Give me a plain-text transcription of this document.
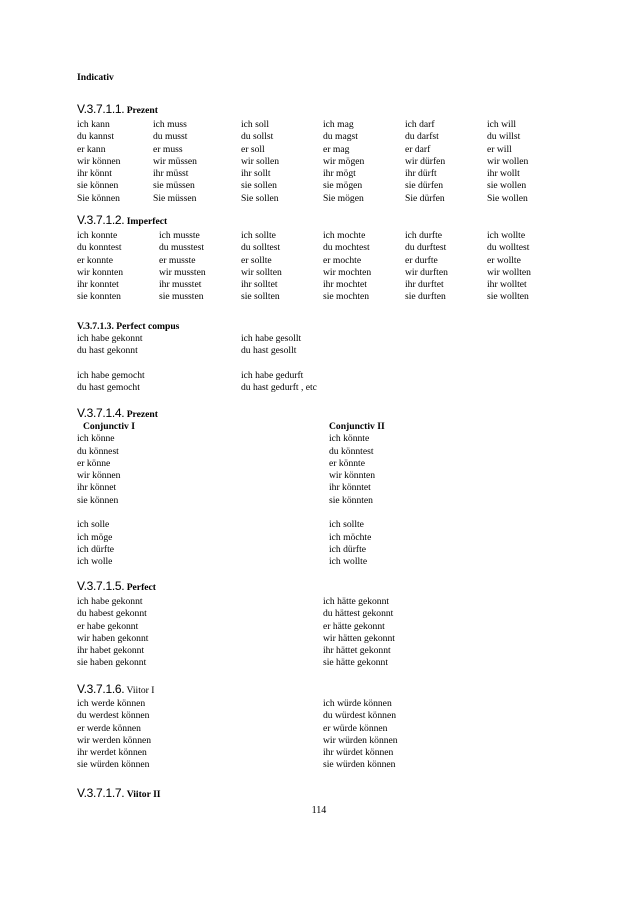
Indicativ
V.3.7.1.1. Prezent
ich kann	ich muss	ich soll	ich mag	ich darf	ich will
du kannst	du musst	du sollst	du magst	du darfst	du willst
er kann	er muss	er soll	er mag	er darf	er will
wir können	wir müssen	wir sollen	wir mögen	wir dürfen	wir wollen
ihr könnt	ihr müsst	ihr sollt	ihr mögt	ihr dürft	ihr wollt
sie können	sie müssen	sie sollen	sie mögen	sie dürfen	sie wollen
Sie können	Sie müssen	Sie sollen	Sie mögen	Sie dürfen	Sie wollen
V.3.7.1.2. Imperfect
ich konnte	ich musste	ich sollte	ich mochte	ich durfte	ich wollte
du konntest	du musstest	du solltest	du mochtest	du durftest	du wolltest
er konnte	er musste	er sollte	er mochte	er durfte	er wollte
wir konnten	wir mussten	wir sollten	wir mochten	wir durften	wir wollten
ihr konntet	ihr musstet	ihr solltet	ihr mochtet	ihr durftet	ihr wolltet
sie konnten	sie mussten	sie sollten	sie mochten	sie durften	sie wollten
V.3.7.1.3. Perfect compus
ich habe gekonnt	ich habe gesollt
du hast gekonnt	du hast gesollt

ich habe gemocht	ich habe gedurft
du hast gemocht	du hast gedurft , etc
V.3.7.1.4. Prezent
Conjunctiv I	Conjunctiv II
ich könne	ich könnte
du könnest	du könntest
er könne	er könnte
wir können	wir könnten
ihr könnet	ihr könntet
sie können	sie könnten

ich solle	ich sollte
ich möge	ich möchte
ich dürfte	ich dürfte
ich wolle	ich wollte
V.3.7.1.5. Perfect
ich habe gekonnt	ich hätte gekonnt
du habest gekonnt	du hättest gekonnt
er habe gekonnt	er hätte gekonnt
wir haben gekonnt	wir hätten gekonnt
ihr habet gekonnt	ihr hättet gekonnt
sie haben gekonnt	sie hätte gekonnt
V.3.7.1.6. Viitor I
ich werde können	ich würde können
du werdest können	du würdest können
er werde können	er würde können
wir werden können	wir würden können
ihr werdet können	ihr würdet können
sie würden können	sie würden können
V.3.7.1.7. Viitor II
114
